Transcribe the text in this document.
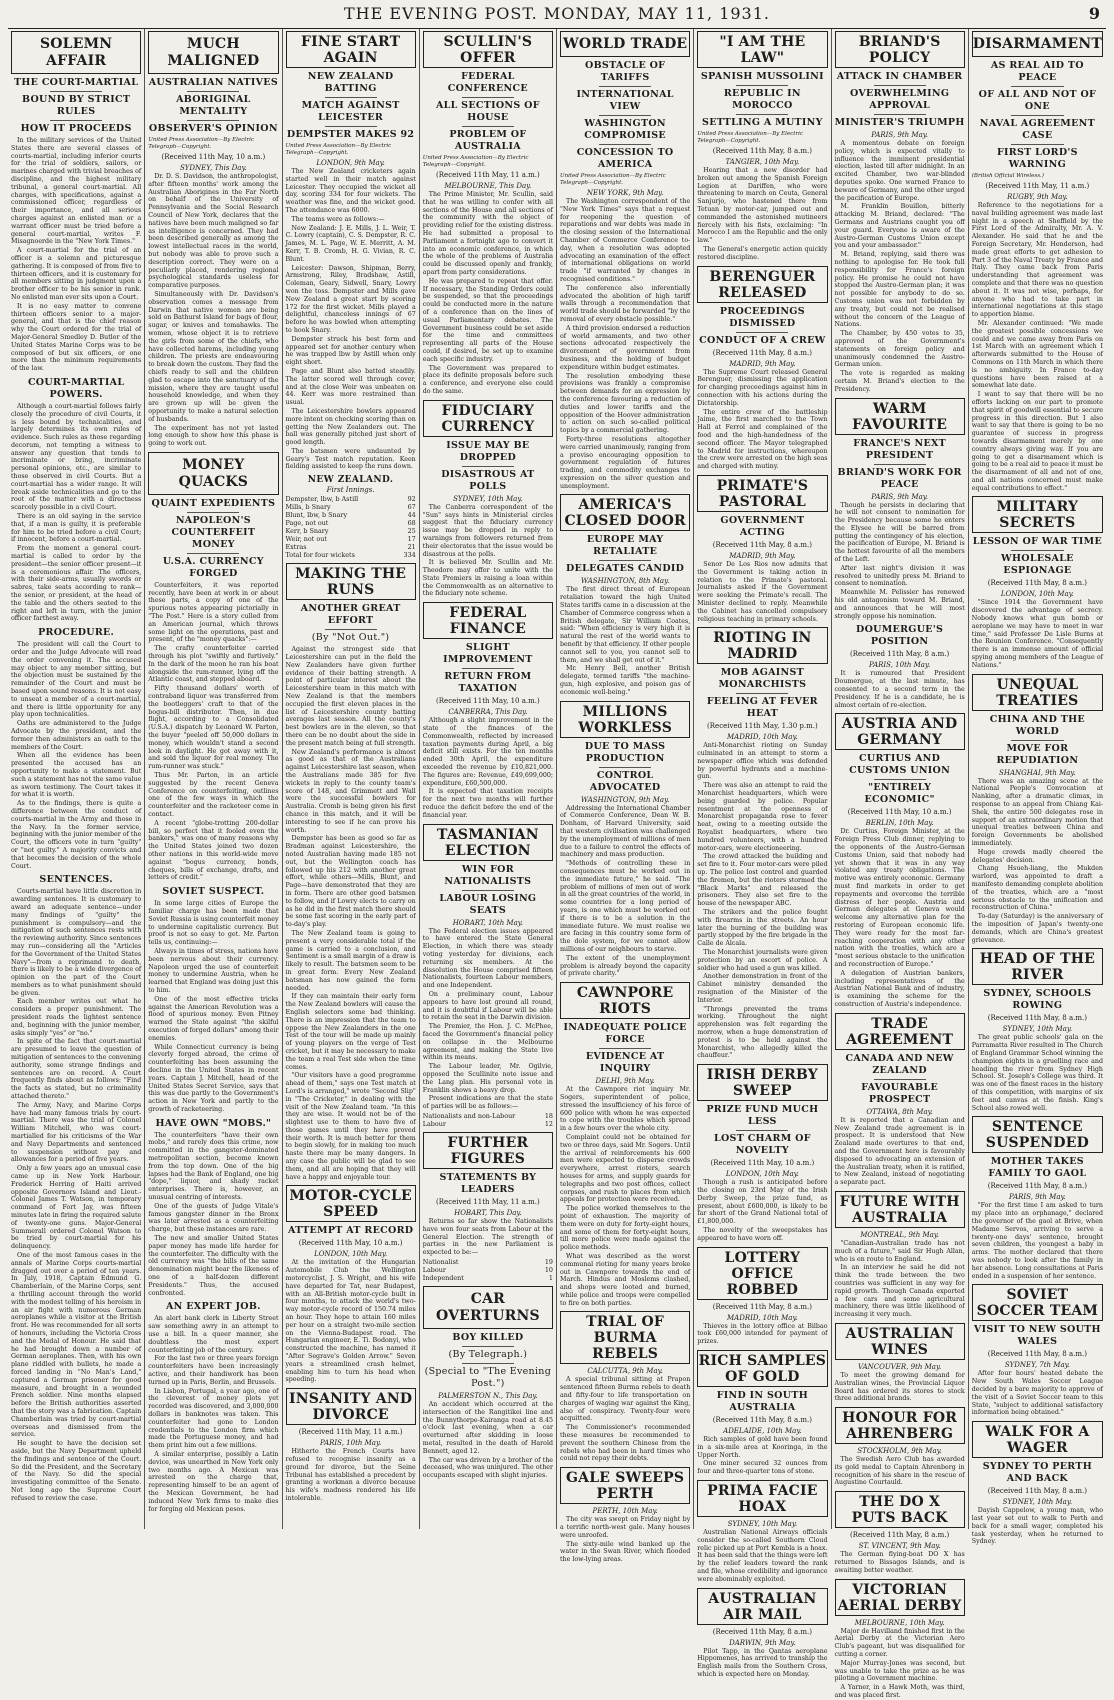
THE EVENING POST. MONDAY, MAY 11, 1931.	9
SOLEMN AFFAIR
THE COURT-MARTIAL
BOUND BY STRICT RULES
HOW IT PROCEEDS

In the military services of the United States there are several classes of courts-martial, including inferior courts for the trial of soldiers, sailors, or marines charged with trivial breaches of discipline, and the highest military tribunal, a general court-martial. All charges, with specifications, against a commissioned officer, regardless of their importance, and all serious charges against an enlisted man or a warrant officer must be tried before a general court-martial, writes F. Misagnoerde in the "New York Times."

A court-martial for the trial of an officer is a solemn and picturesque gathering. It is composed of from five to thirteen officers, and it is customary for all members sitting in judgment upon a brother officer to be his senior in rank. No enlisted man ever sits upon a Court.

It is no easy matter to convene thirteen officers senior to a major-general, and that is the chief reason why the Court ordered for the trial of Major-General Smedley D. Butler of the United States Marine Corps was to be composed of but six officers, or one more than the minimum requirements of the law.

COURT-MARTIAL POWERS.

Although a court-martial follows fairly closely the procedure of civil Courts, it is less bound by technicalities, and largely determines its own rules of evidence. Such rules as those regarding decorum, not tempting a witness to answer any question that tends to incriminate or bring, incriminate personal opinions, etc., are similar to those observed in civil Courts. But a court-martial has a wider range. It will break aside technicalities and go to the root of the matter with a directness scarcely possible in a civil Court.

There is an old saying in the service that, if a man is guilty, it is preferable for him to be tried before a civil Court; if innocent, before a court-martial.

From the moment a general court-martial is called to order by the president—the senior officer present—it is a ceremonious affair. The officers, with their side-arms, usually swords or sabres, take seats according to rank—the senior, or president, at the head of the table and the others seated to the right and left in turn, with the junior officer farthest away.

PROCEDURE.

The president will call the Court to order and the Judge Advocate will read the order convening it. The accused may object to any member sitting, but the objection must be sustained by the remainder of the Court and must be based upon sound reasons. It is not easy to unseat a member of a court-martial, and there is little opportunity for any play upon technicalities.

Oaths are administered to the Judge Advocate by the president, and the former then administers an oath to the members of the Court.

When all the evidence has been presented the accused has an opportunity to make a statement. But such a statement has not the same value as sworn testimony. The Court takes it for what it is worth.

As to the findings, there is quite a difference between the conduct of courts-martial in the Army and those in the Navy. In the former service, beginning with the junior member of the Court, the officers vote in turn "guilty" or "not guilty." A majority convicts and that becomes the decision of the whole Court.

SENTENCES.

Courts-martial have little discretion in awarding sentences. It is customary to award an adequate sentence—under many findings of "guilty" the punishment is compulsory—and the mitigation of such sentences rests with the reviewing authority. Since sentences may run—considering all the "Articles for the Government of the United States Navy"—from a reprimand to death, there is likely to be a wide divergence of opinion on the part of the Court members as to what punishment should be given.

Each member writes out what he considers a proper punishment. The president reads the lightest sentence and, beginning with the junior member, asks simply "yes" or "no."

In spite of the fact that court-martial are presumed to leave the question of mitigation of sentences to the convening authority, some strange findings and sentences are on record. A Court frequently finds about as follows: "Find the facts as stated, but no criminality attached thereto."

The Army, Navy, and Marine Corps have had many famous trials by court-martial. There was the trial of Colonel William Mitchell, who was court-martialled for his criticisms of the War and Navy Departments and sentenced to suspension without pay and allowances for a period of five years.

Only a few years ago an unusual case came up in New York Harbour. Frederick Herring of Haiti arrived opposite Governors Island and Lieut.-Colonel James T. Watson, in temporary command of Fort Jay, was fifteen minutes late in firing the required salute of twenty-one guns. Major-General Summerall ordered Colonel Watson to be tried by court-martial for his delinquency.

One of the most famous cases in the annals of Marine Corps courts-martial dragged out over a period of ten years. In July, 1918, Captain Edmund G. Chamberlain, of the Marine Corps, sent a thrilling account through the world with the modest telling of his heroism in an air fight with numerous German aeroplanes while a visitor at the British front. He was recommended for all sorts of honours, including the Victoria Cross and the Medal of Honour. He said that he had brought down a number of German aeroplanes. Then, with his own plane riddled with bullets, he made a forced landing in "No Man's Land," captured a German prisoner for good measure, and brought in a wounded French soldier. Nine months elapsed before the British authorities asserted that the story was a fabrication. Captain Chamberlain was tried by court-martial overseas and dismissed from the service.

He sought to have the decision set aside, but the Navy Department upheld the findings and sentence of the Court. So did the President, and the Secretary of the Navy. So did the special investigating committee of the Senate. Not long ago the Supreme Court refused to review the case.

MUCH MALIGNED
AUSTRALIAN NATIVES
ABORIGINAL MENTALITY
OBSERVER'S OPINION
United Press Association—By Electric Telegraph—Copyright.
(Received 11th May, 10 a.m.)
SYDNEY, This Day.

Dr. D. S. Davidson, the anthropologist, after fifteen months' work among the Australian Aborigines in the Far North on behalf of the University of Pennsylvania and the Social Research Council of New York, declares that the natives have been much maligned so far as intelligence is concerned. They had been described generally as among the lowest intellectual races in the world, but nobody was able to prove such a description correct. They were on a peculiarly placed, rendering regional psychological standards useless for comparative purposes.

Simultaneously with Dr. Davidson's observation comes a message from Darwin that native women are being sold on Bathurst Island for bags of flour, sugar, or knives and tomahawks. The women, whose object it is to retrieve the girls from some of the chiefs, who have collected harems, including young children. The priests are endeavouring to break down the custom. They find the chiefs ready to sell and the children glad to escape into the sanctuary of the mission, where they are taught useful household knowledge, and when they are grown up will be given the opportunity to make a natural selection of husbands.

The experiment has not yet lasted long enough to show how this phase is going to work out.

MONEY QUACKS
QUAINT EXPEDIENTS
NAPOLEON'S COUNTERFEIT MONEY
U.S.A. CURRENCY FORGED

Counterfeiters, it was reported recently, have been at work in or about these parts, a copy of one of the spurious notes appearing pictorially in "The Post." Here is a story culled from an American journal, which throws some light on the operations, past and present, of the "money quacks":—

The crafty counterfeiter carried through his plot "swiftly and furtively." In the dark of the moon he ran his boat alongside the rum-runner, lying off the Atlantic coast, and stepped aboard.

Fifty thousand dollars' worth of contraband liquor was transferred from the bootleggers' craft to that of the bogus-bill distributor. Then, in due flight, according to a Consolidated (U.S.A.) dispatch by Leonard W. Parton, the buyer "peeled off 50,000 dollars in money, which wouldn't stand a second look in daylight. He got away with it, and sold the liquor for real money. The rum-runner was stuck."

Thus Mr. Parton, in an article suggested by the recent Geneva Conference on counterfeiting, outlines one of the few ways in which the counterfeiter and the racketeer come in contact.

A recent "globe-trotting 200-dollar bill, so perfect that it fooled even the bankers," was one of many reasons why the United States joined two dozen other nations in this world-wide move against "bogus currency, bonds, cheques, bills of exchange, drafts, and letters of credit."

SOVIET SUSPECT.

In some large cities of Europe the familiar charge has been made that Soviet Russia is using counterfeit money to undermine capitalistic currency. But proof is not so easy to get. Mr. Parton tells us, continuing:—

Always in times of stress, nations have been nervous about their currency. Napoleon urged the use of counterfeit money to undermine Austria, when he learned that England was doing just this to him.

One of the most effective tricks against the American Revolution was a flood of spurious money. Even Pitney warned the State against "the skilful execution of forged dollars" among their enemies.

While Connecticut currency is being cleverly forged abroad, the crime of counterfeiting has been assuming the decline in the United States in recent years. Captain J. Mitchell, head of the United States Secret Service, says that this was due partly to the Government's action in New York and partly to the growth of racketeering.

HAVE OWN "MOBS."

The counterfeiters "have their own mobs," and rarely does this crime, now committed in the gangster-dominated metropolitan section, become known from the top down. One of the big lapses had the Bank of England, one big "dope," liquor, and shady racket enterprises. There is, however, an unusual centring of interests.

One of the guests of Judge Vitale's famous gangster dinner in the Bronx was later arrested as a counterfeiting charge, but these instances are rare.

The new and smaller United States paper money has made life harder for the counterfeiter. The difficulty with the old currency was "the bills of the same denomination might bear the likeness of one of a half-dozen different Presidents." Thus, the accused confronted.

AN EXPERT JOB.

An alert bank clerk in Liberty Street saw something awry in an attempt to use a bill. In a queer manner, she doubtless the most expert counterfeiting job of the century.

For the last two or three years foreign counterfeiters have been increasingly active, and their handiwork has been turned up in Paris, Berlin, and Brussels.

In Lisbon, Portugal, a year ago, one of the cleverest of money plots yet recorded was discovered, and 3,000,000 dollars in banknotes was taken. This counterfeiter had gone to London credentials to the London firm which made the Portuguese money, and had them print him out a few millions.

A similar enterprise, possibly a Latin device, was unearthed in New York only two months ago. A Mexican was arrested on the charge that, representing himself to be an agent of the Mexican Government, he had induced New York firms to make dies for forging old Mexican pesos.

FINE START AGAIN
NEW ZEALAND BATTING
MATCH AGAINST LEICESTER
DEMPSTER MAKES 92
United Press Association—By Electric Telegraph—Copyright.
LONDON, 9th May.

The New Zealand cricketers again started well in their match against Leicester. They occupied the wicket all day, scoring 334 for four wickets. The weather was fine, and the wicket good. The attendance was 6000.

The teams were as follows:—

New Zealand: J. E. Mills, J. L. Weir, T. C. Lowry (captain), C. S. Dempster, R. C. James, M. L. Page, W. E. Merritt, A. M. Kerr, T. B. Cromb, H. G. Vivian, R. C. Blunt.

Leicester: Dawson, Shipman, Berry, Armstrong, Riley, Bradshaw, Astill, Coleman, Geary, Sidwell, Snary, Lowry won the toss. Dempster and Mills gave New Zealand a great start by scoring 172 for the first wicket. Mills played a delightful, chanceless innings of 67 before he was bowled when attempting to hook Snary.

Dempster struck his best form and appeared set for another century when he was trapped lbw by Astill when only eight short.

Page and Blunt also batted steadily. The latter scored well through cover, and at the close Weir was unbeaten on 44. Kerr was more restrained than usual.

The Leicestershire bowlers appeared more intent on checking scoring than on getting the New Zealanders out. The ball was generally pitched just short of good length.

The batsmen were undaunted by Geary's Test match reputation. Keen fielding assisted to keep the runs down.

NEW ZEALAND.
First Innings.
Dempster, lbw, b Astill	92
Mills, b Snary	67
Blunt, lbw, b Snary	44
Page, not out	68
Kerr, b Snary	25
Weir, not out	17
Extras	21
Total for four wickets	334
MAKING THE RUNS
ANOTHER GREAT EFFORT
(By "Not Out.")

Against the strongest side that Leicestershire can put in the field the New Zealanders have given further evidence of their batting strength. A point of particular interest about the Leicestershire team in this match with New Zealand is that the members occupied the first eleven places in the list of Leicestershire county batting averages last season. All the county's best bowlers are in the eleven, so that there can be no doubt about the side in the present match being at full strength.

New Zealand's performance is almost as good as that of the Australians against Leicestershire last season, when the Australians made 385 for five wickets in reply to the county team's score of 148, and Grimmett and Wall were the successful bowlers for Australia. Cromb is being given his first chance in this match, and it will be interesting to see if he can prove his worth.

Dempster has been as good so far as Bradman against Leicestershire, the noted Australian having made 185 not out, but the Wellington coach has followed up his 212 with another great effort, while others—Mills, Blunt, and Page—have demonstrated that they are in form. There are other good batsmen to follow, and if Lowry elects to carry on as he did in the first match there should be some fast scoring in the early part of to-day's play.

The New Zealand team is going to present a very considerable total if the game is carried to a conclusion, and Sentiment is a small margin of a draw is likely to result. The batsmen seem to be in great form. Every New Zealand batsman has now gained the form needed.

If they can maintain their early form the New Zealand bowlers will cause the English selectors some bad thinking. There is an impression that the team to oppose the New Zealanders in the one Test of the tour will be made up mainly of young players on the verge of Test cricket, but it may be necessary to make the team a real Test side when the time comes.

"Our visitors have a good programme ahead of them," says one Test match at Lord's is arranged," wrote "Second Slip" in "The Cricketer," in dealing with the visit of the New Zealand team. "In this they are wise. It would not be of the slightest use to them to have five of those games until they have proved their worth. It is much better for them to begin slowly, for in making too much haste there may be many dangers. In any case the public will be glad to see them, and all are hoping that they will have a happy and enjoyable tour.

MOTOR-CYCLE SPEED
ATTEMPT AT RECORD
(Received 11th May, 10 a.m.)
LONDON, 10th May.

At the invitation of the Hungarian Automobile Club the Wellington motorcyclist, J. S. Wright, and his wife have departed for Tat, near Budapest, with an All-British motor-cycle built in four months, to attack the world's two-way motor-cycle record of 150.74 miles an hour. They hope to attain 160 miles per hour on a straight two-mile section on the Vienna-Budapest road. The Hungarian engineer, E. Ti. Bodonyi, who constructed the machine, has named it "After Segrave's Golden Arrow." Seven years a streamlined crash helmet, enabling him to turn his head when speeding.

INSANITY AND DIVORCE
(Received 11th May, 11 a.m.)
PARIS, 10th May.

Hitherto the French Courts have refused to recognise insanity as a ground for divorce, but the Seine Tribunal has established a precedent by granting a workman a divorce because his wife's madness rendered his life intolerable.

SCULLIN'S OFFER
FEDERAL CONFERENCE
ALL SECTIONS OF HOUSE
PROBLEM OF AUSTRALIA
United Press Association—By Electric Telegraph—Copyright.
(Received 11th May, 11 a.m.)
MELBOURNE, This Day.

The Prime Minister, Mr. Scullin, said that he was willing to confer with all sections of the House and all sections of the community with the object of providing relief for the existing distress. He had submitted a proposal to Parliament a fortnight ago to convert it into an economic conference, in which the whole of the problems of Australia could be discussed openly and frankly, apart from party considerations.

He was prepared to repeat that offer. If necessary, the Standing Orders could be suspended, so that the proceedings could be conducted more in the nature of a conference than on the lines of usual Parliamentary debates. The Government business could be set aside for the time and committees representing all parts of the House could, if desired, be set up to examine each specific industry.

The Government was prepared to place its definite proposals before such a conference, and everyone else could do the same.

FIDUCIARY CURRENCY
ISSUE MAY BE DROPPED
DISASTROUS AT POLLS
SYDNEY, 10th May.

The Canberra correspondent of the "Sun" says hints in Ministerial circles suggest that the fiduciary currency issue may be dropped in reply to warnings from followers returned from their electorates that the issue would be disastrous at the polls.

It is believed Mr. Scullin and Mr. Theodore may offer to unite with the State Premiers in raising a loan within the Commonwealth as an alternative to the fiduciary note scheme.

FEDERAL FINANCE
SLIGHT IMPROVEMENT
RETURN FROM TAXATION
(Received 11th May, 10 a.m.)
CANBERRA, This Day.

Although a slight improvement in the state of the finances of the Commonwealth, reflected by increased taxation payments during April, a big deficit still exists. For the ten months ended 30th April, the expenditure exceeded the revenue by £10,821,000. The figures are: Revenue, £49,699,000; expenditure, £60,500,000.

It is expected that taxation receipts for the next two months will further reduce the deficit before the end of the financial year.

TASMANIAN ELECTION
WIN FOR NATIONALISTS
LABOUR LOSING SEATS
HOBART, 10th May.

The Federal election issues appeared to have entered the State General Election, in which there was steady voting yesterday for divisions, each returning six members. At the dissolution the House comprised fifteen Nationalists, fourteen Labour members, and one Independent.

On a preliminary count, Labour appears to have lost ground all round, and it is doubtful if Labour will be able to retain the seat in the Darwin division.

The Premier, the Hon. J. C. McPhee, faced the Government's financial policy on collapse in the Melbourne agreement, and making the State live within its means.

The Labour leader, Mr. Ogilvie, opposed the Scullinite note issue and the Lang plan. His personal vote in Franklin shows a heavy drop.

Present indications are that the state of parties will be as follows:—

Nationalists and non-Labour	18
Labour	12
FURTHER FIGURES
STATEMENTS BY LEADERS
(Received 11th May, 11 a.m.)
HOBART, This Day.

Returns so far show the Nationalists have won four seats from Labour at the General Election. The strength of parties in the new Parliament is expected to be:—

Nationalist	19
Labour	10
Independent	1
CAR OVERTURNS
BOY KILLED
(By Telegraph.)
(Special to "The Evening Post.")
PALMERSTON N., This Day.

An accident which occurred at the intersection of the Rangitikei line and the Bunnythorpe-Kairanga road at 8.45 o'clock last evening, when a car overturned after skidding in loose metal, resulted in the death of Harold Bennett, aged 12.

The car was driven by a brother of the deceased, who was uninjured. The other occupants escaped with slight injuries.

WORLD TRADE
OBSTACLE OF TARIFFS
INTERNATIONAL VIEW
WASHINGTON COMPROMISE
CONCESSION TO AMERICA
United Press Association—By Electric Telegraph—Copyright.
NEW YORK, 9th May.

The Washington correspondent of the "New York Times" says that a request for reopening the question of reparations and war debts was made in the closing session of the International Chamber of Commerce Conference to-day, when a resolution was adopted advocating an examination of the effect of international obligations on world trade "if warranted by changes in recognised conditions."

The conference also inferentially advocated the abolition of high tariff walls through a recommendation that world trade should be forwarded "by the removal of every obstacle possible."

A third provision endorsed a reduction of world armaments, and two other sections advocated respectively the divorcement of government from business, and the holding of budget expenditure within budget estimates.

The resolution embodying these provisions was frankly a compromise between demands for an expression by the conference favouring a reduction of duties and lower tariffs and the opposition of the Hoover administration to action on such so-called political topics by a commercial gathering.

Forty-three resolutions altogether were carried unanimously, ranging from a proviso encouraging opposition to government regulation of futures trading, and commodity exchanges to expression on the silver question and unemployment.

AMERICA'S CLOSED DOOR
EUROPE MAY RETALIATE
DELEGATES CANDID
WASHINGTON, 8th May.

The first direct threat of European retaliation toward the high United States tariffs came in a discussion at the Chamber of Commerce congress when a British delegate, Sir William Coates, said: "When efficiency is very high it is natural the rest of the world wants to benefit by that efficiency. If other people cannot sell to you, you cannot sell to them, and we shall get out of it."

Mr. Henry Bell, another British delegate, termed tariffs "the machine-gun, high explosive, and poison gas of economic well-being."

MILLIONS WORKLESS
DUE TO MASS PRODUCTION
CONTROL ADVOCATED
WASHINGTON, 9th May.

Addressing the International Chamber of Commerce Conference, Dean W. B. Donham, of Harvard University, said that western civilisation was challenged by the unemployment of millions of men due to a failure to control the effects of machinery and mass production.

"Methods of controlling these in consequences must be worked out in the immediate future," he said. "The problem of millions of men out of work in all the great countries of the world, in some countries for a long period of years, is one which must be worked out if there is to be a solution in the immediate future. We must realise we are facing in this country some form of the dole system, for we cannot allow millions of our neighbours to starve.

The extent of the unemployment problem is already beyond the capacity of private charity."

CAWNPORE RIOTS
INADEQUATE POLICE FORCE
EVIDENCE AT INQUIRY
DELHI, 9th May.

At the Cawnpore riot inquiry Mr. Sogers, superintendent of police, stressed the insufficiency of his force of 600 police with whom he was expected to cope with the troubles which spread in a few hours over the whole city.

Complaint could not be obtained for two or three days, said Mr. Sogers. Until the arrival of reinforcements his 600 men were expected to disperse crowds everywhere, arrest rioters, search houses for arms, and supply guards for telegraphs and two post offices, collect corpses, and rush to places from which appeals for protection were received.

The police worked themselves to the point of exhaustion. The majority of them were on duty for forty-eight hours, and some of them for forty-eight hours, till more police were made against the police methods.

What was described as the worst communal rioting for many years broke out in Cawnpore towards the end of March. Hindus and Moslems clashed, and shops were looted and burned, while police and troops were compelled to fire on both parties.

TRIAL OF BURMA REBELS
CALCUTTA, 9th May.

A special tribunal sitting at Prapon sentenced fifteen Burma rebels to death and fifty-four to life transportation on charges of waging war against the King, also of conspiracy. Twenty-four were acquitted.

The Commissioner's recommended these measures be recommended to prevent the southern Chinese from the rebels who had been in hard times who could not repay their debts.

GALE SWEEPS PERTH
PERTH, 10th May.

The city was swept on Friday night by a terrific north-west gale. Many houses were unroofed.

The sixty-mile wind banked up the water in the Swan River, which flooded the low-lying areas.

"I AM THE LAW"
SPANISH MUSSOLINI
REPUBLIC IN MOROCCO
SETTLING A MUTINY
United Press Association—By Electric Telegraph—Copyright.
(Received 11th May, 8 a.m.)
TANGIER, 10th May.

Hearing that a new disorder had broken out among the Spanish Foreign Legion at Dariffen, who were threatening to march on Ceuta, General Sanjurjo, who hastened there from Tetuan by motor-car, jumped out and commanded the astonished mutineers fiercely with his fists, exclaiming: "In Morocco I am the Republic and the only law."

The General's energetic action quickly restored discipline.

BERENGUER RELEASED
PROCEEDINGS DISMISSED
CONDUCT OF A CREW
(Received 11th May, 8 a.m.)
MADRID, 9th May.

The Supreme Court released General Berenguer, dismissing the application for charging proceedings against him in connection with his actions during the Dictatorship.

The entire crew of the battleship Jaime, the first marched to the Town Hall at Ferrol and complained of the food and the high-handedness of the second officer. The Mayor telegraphed to Madrid for instructions, whereupon the crew were arrested on the high seas and charged with mutiny.

PRIMATE'S PASTORAL
GOVERNMENT ACTING
(Received 11th May, 8 a.m.)
MADRID, 9th May.

Senor De Los Rios now admits that the Government is taking action in relation to the Primate's pastoral. Journalists asked if the Government were seeking the Primate's recall. The Minister declined to reply. Meanwhile the Cabinet has cancelled compulsory religious teaching in primary schools.

RIOTING IN MADRID
MOB AGAINST MONARCHISTS
FEELING AT FEVER HEAT
(Received 11th May, 1.30 p.m.)
MADRID, 10th May.

Anti-Monarchist rioting on Sunday culminated in an attempt to storm a newspaper office which was defended by powerful hydrants and a machine-gun.

There was also an attempt to raid the Monarchist headquarters, which were being guarded by police. Popular resentment at the openness of Monarchist propaganda rose to fever heat, owing to a meeting outside the Royalist headquarters, where two hundred volunteers, with a hundred motor-cars, were electioneering.

The crowd attacked the building and set fire to it. Four motor-cars were piled up. The police lost control and guarded the firemen, but the rioters stormed the "Black Marks" and released the prisoners. They also set fire to the house of the newspaper ABC.

The strikers and the police fought with firearms in the streets. An hour later the burning of the building was partly stopped by the fire brigade in the Calle de Alcala.

The Monarchist journalists were given protection by an escort of police. A soldier who had used a gun was killed.

Another demonstration in front of the Cabinet ministry demanded the resignation of the Minister of the Interior.

"Throngs prevented the trams working. Throughout the night apprehension was felt regarding the morrow, when a huge demonstration of protest is to be held against the Monarchist, who allegedly killed the chauffeur."

IRISH DERBY SWEEP
PRIZE FUND MUCH LESS
LOST CHARM OF NOVELTY
(Received 11th May, 10 a.m.)
LONDON, 10th May.

Though a rush is anticipated before the closing on 23rd May of the Irish Derby Sweep, the prize fund, as present, about £600,000, is likely to be far short of the Grand National total of £1,800,000.

The novelty of the sweepstakes has appeared to have worn off.

LOTTERY OFFICE ROBBED
(Received 11th May, 8 a.m.)
MADRID, 10th May.

Thieves in the lottery office at Bilbao took £60,000 intended for payment of prizes.

RICH SAMPLES OF GOLD
FIND IN SOUTH AUSTRALIA
(Received 11th May, 8 a.m.)
ADELAIDE, 10th May.

Rich samples of gold have been found in a six-mile area at Kooringa, in the Upper North.

One miner secured 32 ounces from four and three-quarter tons of stone.

PRIMA FACIE HOAX
SYDNEY, 10th May.

Australian National Airways officials consider the so-called Southern Cloud relic picked up at Port Kembla is a hoax. It has been said that the things were left by the relief leaders toward the rank and file, whose credibility and ignorance were abominably exploited.

AUSTRALIAN AIR MAIL
(Received 11th May, 8 a.m.)
DARWIN, 9th May.

Pilot Tapp, in the Qantas aeroplane Hippomenes, has arrived to tranship the English mails from the Southern Cross, which is expected here on Monday.

BRIAND'S POLICY
ATTACK IN CHAMBER
OVERWHELMING APPROVAL
MINISTER'S TRIUMPH
PARIS, 9th May.

A momentous debate on foreign policy, which is expected vitally to influence the imminent presidential election, lasted till after midnight. In an excited Chamber, two war-blinded deputies spoke. One warned France to beware of Germany, and the other urged the pacification of Europe.

M. Franklin Bouillon, bitterly attacking M. Briand, declared: "The Germans and Austrians caught you off your guard. Everyone is aware of the Austro-German Customs Union except you and your ambassador."

M. Briand, replying, said there was nothing to apologise for. He took full responsibility for France's foreign policy. He promise he could not have stopped the Austro-German plan; it was not possible for anybody to do so. Customs union was not forbidden by any treaty, but could not be realised without the concern of the League of Nations.

The Chamber, by 450 votes to 35, approved of the Government's statements on foreign policy and unanimously condemned the Austro-German union.

The vote is regarded as making certain M. Briand's election to the Presidency.

WARM FAVOURITE
FRANCE'S NEXT PRESIDENT
BRIAND'S WORK FOR PEACE
PARIS, 9th May.

Though he persists in declaring that he will not consent to nomination for the Presidency because some he enters the Elysee he will be barred from putting the contingency of his election, the pacification of Europe, M. Briand is the hottest favourite of all the members of the Left.

After last night's division it was resolved to unitedly press M. Briand to consent to nomination.

Meanwhile M. Pelissier has renewed his old antagonism toward M. Briand, and announces that he will most strongly oppose his nomination.

DOUMERGUE'S POSITION
(Received 11th May, 8 a.m.)
PARIS, 10th May.

It is rumoured that President Doumergue, at the last minute, has consented to a second term in the Presidency. If he is a candidate, he is almost certain of re-election.

AUSTRIA AND GERMANY
CURTIUS AND CUSTOMS UNION
"ENTIRELY ECONOMIC"
(Received 11th May, 10 a.m.)
BERLIN, 10th May.

Dr. Curtius, Foreign Minister, at the Foreign Press Club dinner, replying to the opponents of the Austro-German Customs Union, said that nobody had yet shown that it was in any way violated any treaty obligations. The motive was entirely economic. Germany must find markets in order to get repayments and overcome the terrible distress of her people. Austria and German delegates at Geneva would welcome any alternative plan for the restoring of European economic life. They were ready for the most far-reaching cooperation with any other nation with the treaties, which are a "most serious obstacle to the unification and reconstruction of Europe."

A delegation of Austrian bankers, including representatives of the Austrian National Bank and of industry, is examining the scheme for the construction of Austria's independence.

TRADE AGREEMENT
CANADA AND NEW ZEALAND
FAVOURABLE PROSPECT
OTTAWA, 8th May.

It is reported that a Canadian and New Zealand trade agreement is in prospect. It is understood that New Zealand made overtures to that end, and the Government here is favourably disposed to advocating an extension of the Australian treaty, when it is ratified, to New Zealand, instead of negotiating a separate pact.

FUTURE WITH AUSTRALIA
MONTREAL, 9th May.

"Canadian-Australian trade has not much of a future," said Sir Hugh Allan, who is en route to England.

In an interview he said he did not think the trade between the two countries was sufficient in any way for rapid growth. Though Canada exported a few cars and some agricultural machinery, there was little likelihood of increasing it very much.

AUSTRALIAN WINES
VANCOUVER, 9th May.

To meet the growing demand for Australian wines, the Provincial Liquor Board has ordered its stores to stock three additional brands.

HONOUR FOR AHRENBERG
STOCKHOLM, 9th May.

The Swedish Aero Club has awarded its gold medal to Captain Ahrenberg in recognition of his share in the rescue of Augustine Courtauld.

THE DO X PUTS BACK
(Received 11th May, 8 a.m.)
ST. VINCENT, 9th May.

The German flying-boat DO X has returned to Bissagos Islands, and is awaiting better weather.

VICTORIAN AERIAL DERBY
MELBOURNE, 10th May.

Major de Havilland finished first in the Aerial Derby at the Victorian Aero Club's pageant, but was disqualified for cutting a corner.

Major Murray-Jones was second, but was unable to take the prize as he was piloting a Government machine.

A Yarner, in a Hawk Moth, was third, and was placed first.

DISARMAMENT
AS REAL AID TO PEACE
OF ALL AND NOT OF ONE
NAVAL AGREEMENT CASE
FIRST LORD'S WARNING
(British Official Wireless.)
(Received 11th May, 11 a.m.)
RUGBY, 9th May.

Reference to the negotiations for a naval building agreement was made last night in a speech at Sheffield by the First Lord of the Admiralty, Mr. A. V. Alexander. He said that he and the Foreign Secretary, Mr. Henderson, had made great efforts to get adhesion to Part 3 of the Naval Treaty by France and Italy. They came back from Paris understanding that agreement was complete and that there was no question about it. It was not wise, perhaps, for anyone who had to take part in international negotiations at this stage to apportion blame.

Mr. Alexander continued: "We made the greatest possible concessions we could and we came away from Paris on 1st March with an agreement which I afterwards submitted to the House of Commons on 11th March in which there is no ambiguity. In France to-day questions have been raised at a somewhat late date.

I want to say that there will be no efforts lacking on our part to promote that spirit of goodwill essential to secure progress in this direction. But I also want to say that there is going to be no guarantee of success in progress towards disarmament merely by one country always giving way. If you are going to get a disarmament which is going to be a real aid to peace it must be the disarmament of all and not of one, and all nations concerned must make equal contributions to effect."

MILITARY SECRETS
LESSON OF WAR TIME
WHOLESALE ESPIONAGE
(Received 11th May, 8 a.m.)
LONDON, 10th May.

"Since 1914 the Government have discovered the advantage of secrecy. Nobody knows what gun bomb or aeroplane we may have to meet in war time," said Professor De Lisle Burns at the Reunion Conference. "Consequently there is an immense amount of official spying among members of the League of Nations."

UNEQUAL TREATIES
CHINA AND THE WORLD
MOVE FOR REPUDIATION
SHANGHAI, 9th May.

There was an amazing scene at the National People's Convocation at Nanking, after a dramatic climax, in response to an appeal from Chiang Kai-Shek, the entire 500 delegates rose in support of an extraordinary motion that unequal treaties between China and foreign Governments be abolished immediately.

Huge crowds madly cheered the delegates' decision.

Chang Hsueh-liang, the Mukden warlord, was appointed to draft a manifesto demanding complete abolition of the treaties, which are a "most serious obstacle to the unification and reconstruction of China."

To-day (Saturday) is the anniversary of the imposition of Japan's twenty-one demands, which are China's greatest grievance.

HEAD OF THE RIVER
SYDNEY, SCHOOLS ROWING
(Received 11th May, 8 a.m.)
SYDNEY, 10th May.

The great public schools' gala on the Parramatta River resulted in The Church of England Grammar School winning the champion eights in a gruelling race and heading the river from Sydney High School. St. Joseph's College was third. It was one of the finest races in the history of this competition, with margins of six feet and canvas at the finish. King's School also rowed well.

SENTENCE SUSPENDED
MOTHER TAKES FAMILY TO GAOL
(Received 11th May, 8 a.m.)
PARIS, 9th May.

"For the first time I am asked to turn my place into an orphanage," declared the governor of the gaol at Brive, when Madame Servos, arriving to serve a twenty-one days' sentence, brought seven children, the youngest a baby in arms. The mother declared that there was nobody to look after the family in her absence. Long consultations at Paris ended in a suspension of her sentence.

SOVIET SOCCER TEAM
VISIT TO NEW SOUTH WALES
(Received 11th May, 8 a.m.)
SYDNEY, 7th May.

After four hours' heated debate the New South Wales Soccer League decided by a bare majority to approve of the visit of a Soviet Soccer team to this State, "subject to additional satisfactory information being obtained."

WALK FOR A WAGER
SYDNEY TO PERTH AND BACK
(Received 11th May, 8 a.m.)
SYDNEY, 10th May.

Dayish Cappelow, a young man, who last year set out to walk to Perth and back for a small wager, completed his task yesterday, when he returned to Sydney.
